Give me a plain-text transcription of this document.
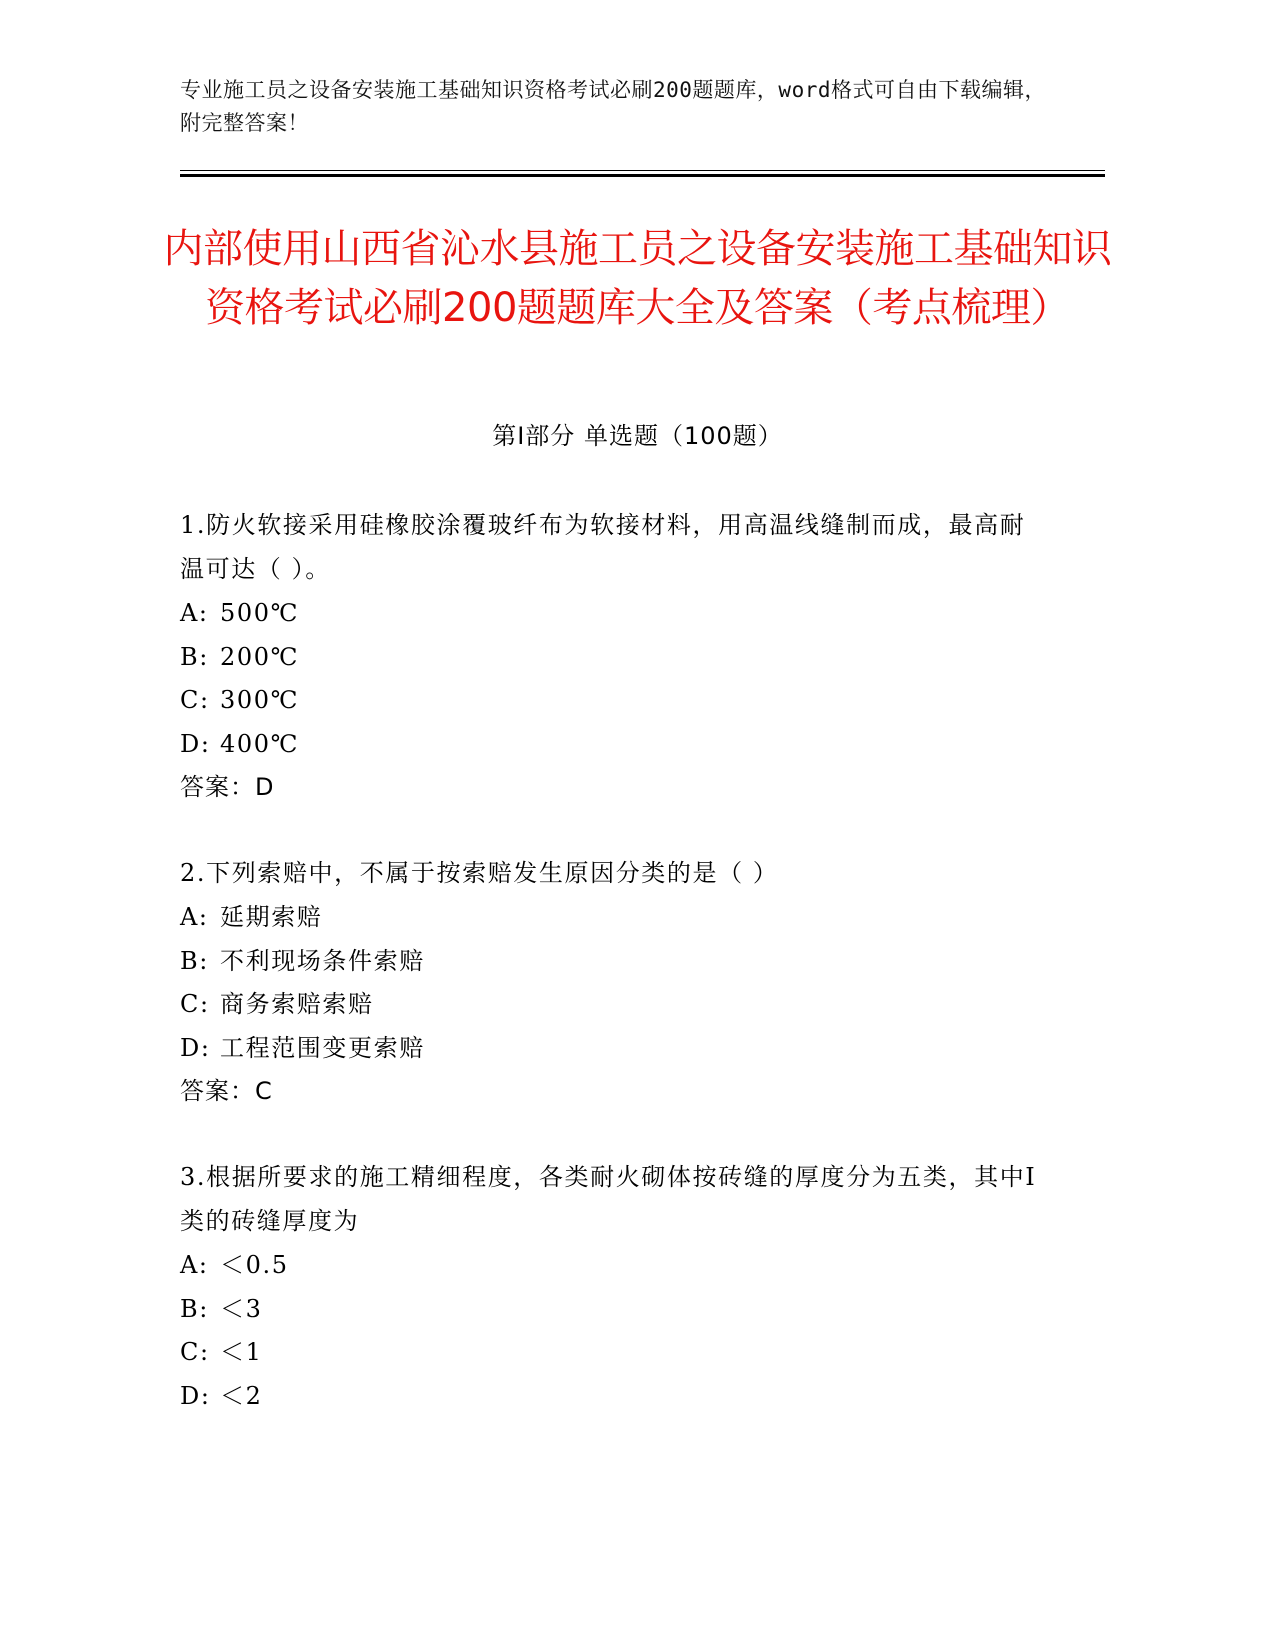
专业施工员之设备安装施工基础知识资格考试必刷200题题库，word格式可自由下载编辑，附完整答案！
内部使用山西省沁水县施工员之设备安装施工基础知识资格考试必刷200题题库大全及答案（考点梳理）
第Ⅰ部分 单选题（100题）
1.防火软接采用硅橡胶涂覆玻纤布为软接材料，用高温线缝制而成，最高耐温可达（ ）。
A: 500℃
B: 200℃
C: 300℃
D: 400℃
答案：D
2.下列索赔中，不属于按索赔发生原因分类的是（ ）
A: 延期索赔
B: 不利现场条件索赔
C: 商务索赔索赔
D: 工程范围变更索赔
答案：C
3.根据所要求的施工精细程度，各类耐火砌体按砖缝的厚度分为五类，其中Ⅰ类的砖缝厚度为
A: ＜0.5
B: ＜3
C: ＜1
D: ＜2
